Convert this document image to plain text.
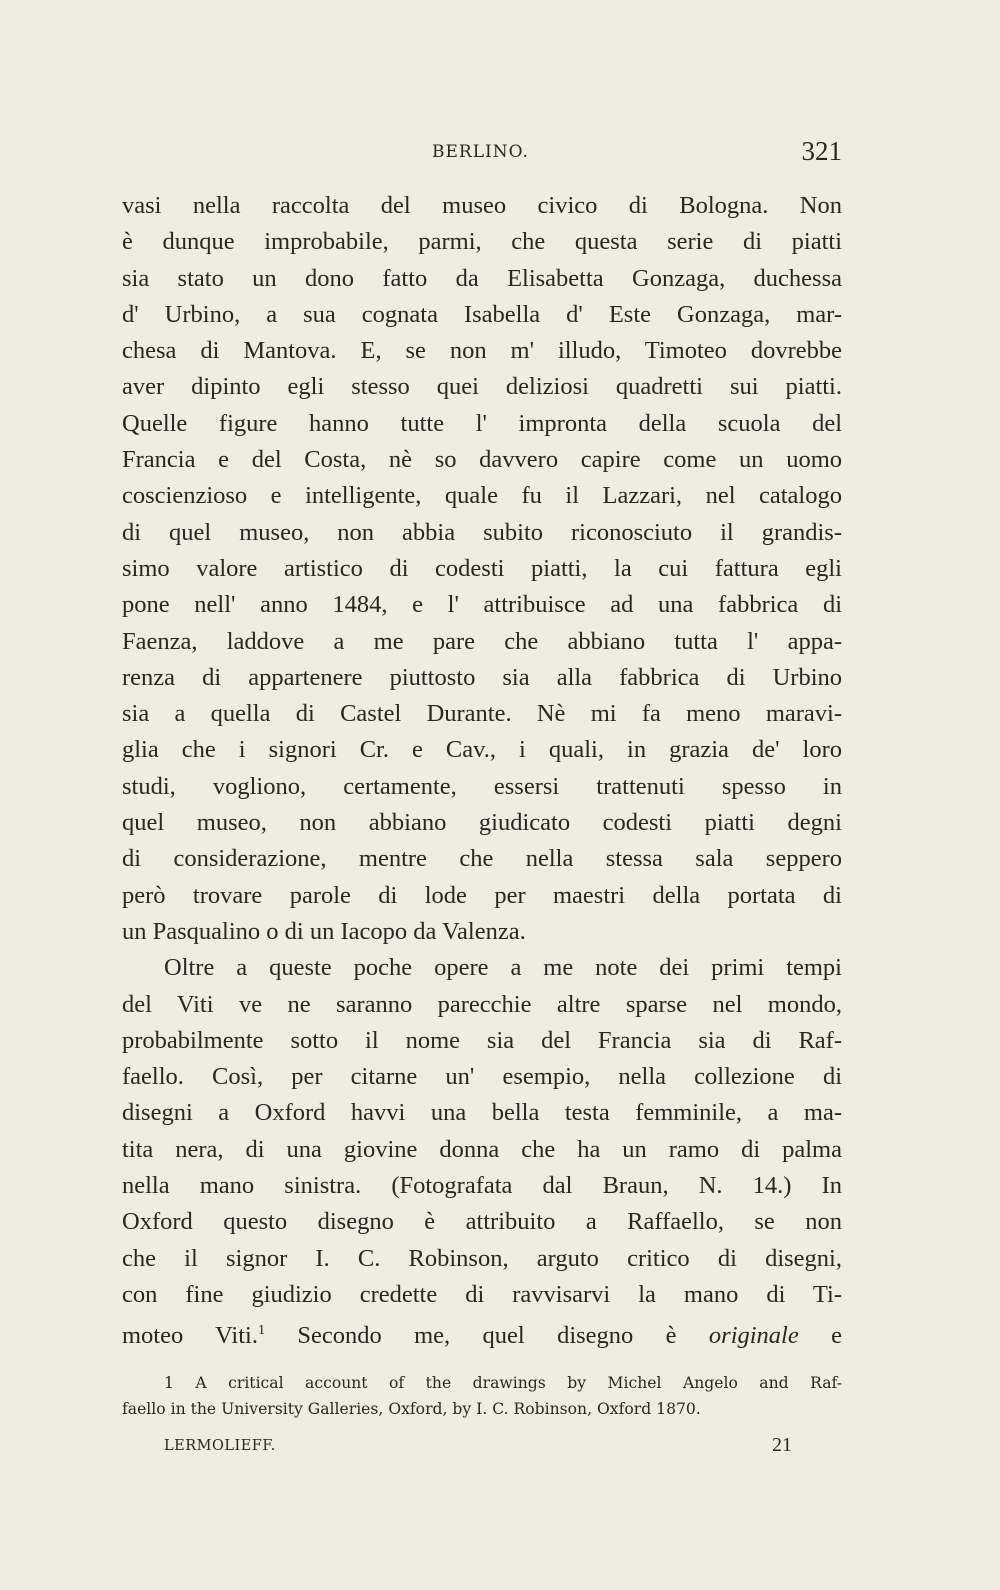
BERLINO.	321
vasi nella raccolta del museo civico di Bologna. Non
è dunque improbabile, parmi, che questa serie di piatti
sia stato un dono fatto da Elisabetta Gonzaga, duchessa
d' Urbino, a sua cognata Isabella d' Este Gonzaga, mar-
chesa di Mantova. E, se non m' illudo, Timoteo dovrebbe
aver dipinto egli stesso quei deliziosi quadretti sui piatti.
Quelle figure hanno tutte l' impronta della scuola del
Francia e del Costa, nè so davvero capire come un uomo
coscienzioso e intelligente, quale fu il Lazzari, nel catalogo
di quel museo, non abbia subito riconosciuto il grandis-
simo valore artistico di codesti piatti, la cui fattura egli
pone nell' anno 1484, e l' attribuisce ad una fabbrica di
Faenza, laddove a me pare che abbiano tutta l' appa-
renza di appartenere piuttosto sia alla fabbrica di Urbino
sia a quella di Castel Durante. Nè mi fa meno maravi-
glia che i signori Cr. e Cav., i quali, in grazia de' loro
studi, vogliono, certamente, essersi trattenuti spesso in
quel museo, non abbiano giudicato codesti piatti degni
di considerazione, mentre che nella stessa sala seppero
però trovare parole di lode per maestri della portata di
un Pasqualino o di un Iacopo da Valenza.
Oltre a queste poche opere a me note dei primi tempi
del Viti ve ne saranno parecchie altre sparse nel mondo,
probabilmente sotto il nome sia del Francia sia di Raf-
faello. Così, per citarne un' esempio, nella collezione di
disegni a Oxford havvi una bella testa femminile, a ma-
tita nera, di una giovine donna che ha un ramo di palma
nella mano sinistra. (Fotografata dal Braun, N. 14.) In
Oxford questo disegno è attribuito a Raffaello, se non
che il signor I. C. Robinson, arguto critico di disegni,
con fine giudizio credette di ravvisarvi la mano di Ti-
moteo Viti.$^1$ Secondo me, quel disegno è originale e
1 A critical account of the drawings by Michel Angelo and Raf-
faello in the University Galleries, Oxford, by I. C. Robinson, Oxford 1870.
LERMOLIEFF.	21
